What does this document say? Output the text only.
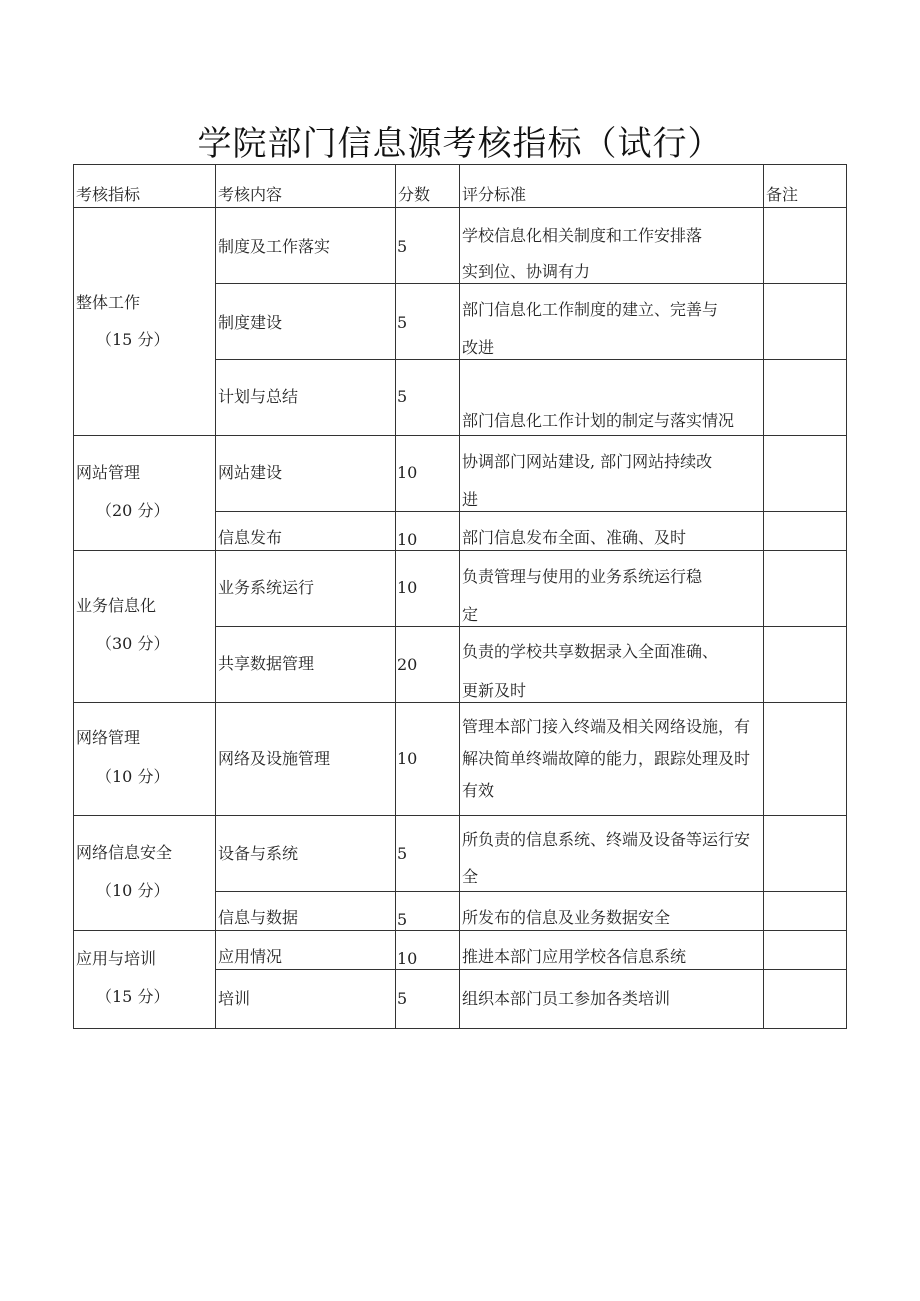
学院部门信息源考核指标（试行）
考核指标	考核内容	分数	评分标准	备注

整体工作
（15 分）	制度及工作落实	5	学校信息化相关制度和工作安排落
实到位、协调有力	

	制度建设	5	部门信息化工作制度的建立、完善与
改进	

	计划与总结	5	部门信息化工作计划的制定与落实情况	

网站管理
（20 分）	网站建设	10	协调部门网站建设, 部门网站持续改
进	

	信息发布	10	部门信息发布全面、准确、及时	

业务信息化
（30 分）	业务系统运行	10	负责管理与使用的业务系统运行稳
定	

	共享数据管理	20	负责的学校共享数据录入全面准确、
更新及时	

网络管理
（10 分）	网络及设施管理	10	管理本部门接入终端及相关网络设施，有解决简单终端故障的能力，跟踪处理及时有效	

网络信息安全
（10 分）	设备与系统	5	所负责的信息系统、终端及设备等运行安
全	

	信息与数据	5	所发布的信息及业务数据安全	

应用与培训
（15 分）	应用情况	10	推进本部门应用学校各信息系统	

	培训	5	组织本部门员工参加各类培训	
